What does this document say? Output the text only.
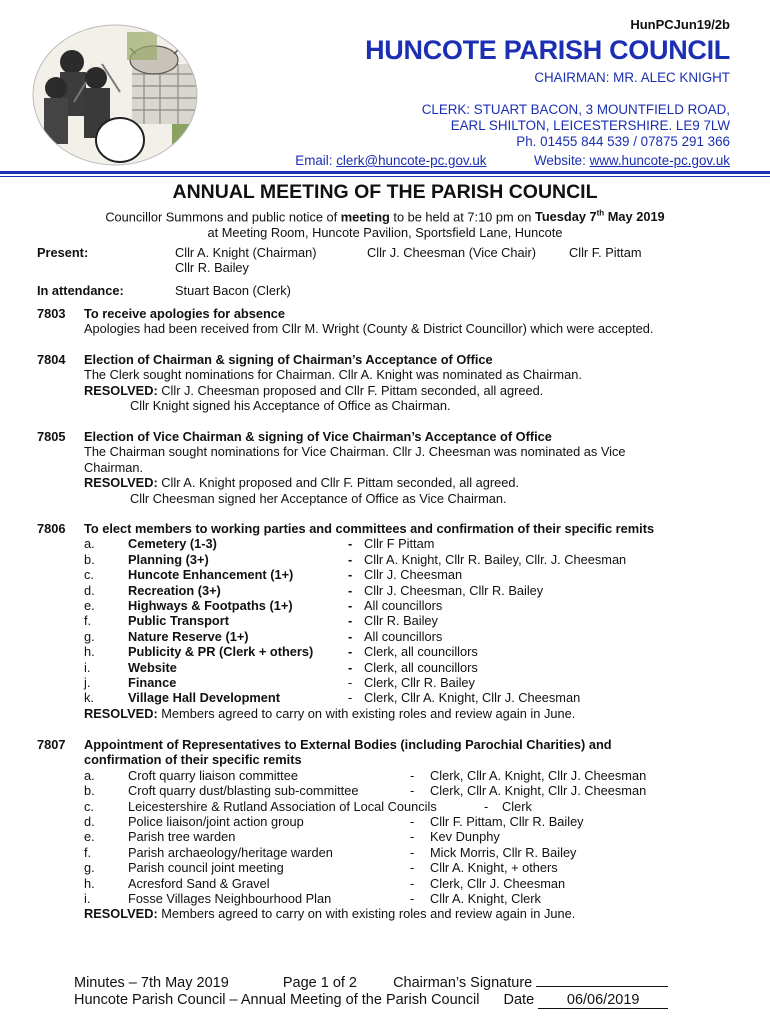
HunPCJun19/2b
HUNCOTE PARISH COUNCIL
CHAIRMAN: MR. ALEC KNIGHT
CLERK: STUART BACON, 3 MOUNTFIELD ROAD,
EARL SHILTON, LEICESTERSHIRE. LE9 7LW
Ph. 01455 844 539 / 07875 291 366
Email: clerk@huncote-pc.gov.uk	Website: www.huncote-pc.gov.uk
ANNUAL MEETING OF THE PARISH COUNCIL
Councillor Summons and public notice of meeting to be held at 7:10 pm on Tuesday 7th May 2019
at Meeting Room, Huncote Pavilion, Sportsfield Lane, Huncote
Present:	Cllr A. Knight (Chairman)	Cllr J. Cheesman (Vice Chair)	Cllr F. Pittam
Cllr R. Bailey
In attendance:	Stuart Bacon (Clerk)
7803 To receive apologies for absence
Apologies had been received from Cllr M. Wright (County & District Councillor) which were accepted.
7804 Election of Chairman & signing of Chairman’s Acceptance of Office
The Clerk sought nominations for Chairman. Cllr A. Knight was nominated as Chairman.
RESOLVED: Cllr J. Cheesman proposed and Cllr F. Pittam seconded, all agreed.
Cllr Knight signed his Acceptance of Office as Chairman.
7805 Election of Vice Chairman & signing of Vice Chairman’s Acceptance of Office
The Chairman sought nominations for Vice Chairman. Cllr J. Cheesman was nominated as Vice
Chairman.
RESOLVED: Cllr A. Knight proposed and Cllr F. Pittam seconded, all agreed.
Cllr Cheesman signed her Acceptance of Office as Vice Chairman.
7806 To elect members to working parties and committees and confirmation of their specific remits
a.	Cemetery (1-3)	- Cllr F Pittam
b.	Planning (3+)	- Cllr A. Knight, Cllr R. Bailey, Cllr. J. Cheesman
c.	Huncote Enhancement (1+)	- Cllr J. Cheesman
d.	Recreation (3+)	- Cllr J. Cheesman, Cllr R. Bailey
e.	Highways & Footpaths (1+)	- All councillors
f.	Public Transport	- Cllr R. Bailey
g.	Nature Reserve (1+)	- All councillors
h.	Publicity & PR (Clerk + others)	- Clerk, all councillors
i.	Website	- Clerk, all councillors
j.	Finance	- Clerk, Cllr R. Bailey
k.	Village Hall Development	- Clerk, Cllr A. Knight, Cllr J. Cheesman
RESOLVED: Members agreed to carry on with existing roles and review again in June.
7807 Appointment of Representatives to External Bodies (including Parochial Charities) and
confirmation of their specific remits
a.	Croft quarry liaison committee	- Clerk, Cllr A. Knight, Cllr J. Cheesman
b.	Croft quarry dust/blasting sub-committee	- Clerk, Cllr A. Knight, Cllr J. Cheesman
c.	Leicestershire & Rutland Association of Local Councils	- Clerk
d.	Police liaison/joint action group	- Cllr F. Pittam, Cllr R. Bailey
e.	Parish tree warden	- Kev Dunphy
f.	Parish archaeology/heritage warden	- Mick Morris, Cllr R. Bailey
g.	Parish council joint meeting	- Cllr A. Knight, + others
h.	Acresford Sand & Gravel	- Clerk, Cllr J. Cheesman
i.	Fosse Villages Neighbourhood Plan	- Cllr A. Knight, Clerk
RESOLVED: Members agreed to carry on with existing roles and review again in June.
Minutes – 7th May 2019	Page 1 of 2 Chairman’s Signature
Huncote Parish Council – Annual Meeting of the Parish Council Date 06/06/2019
